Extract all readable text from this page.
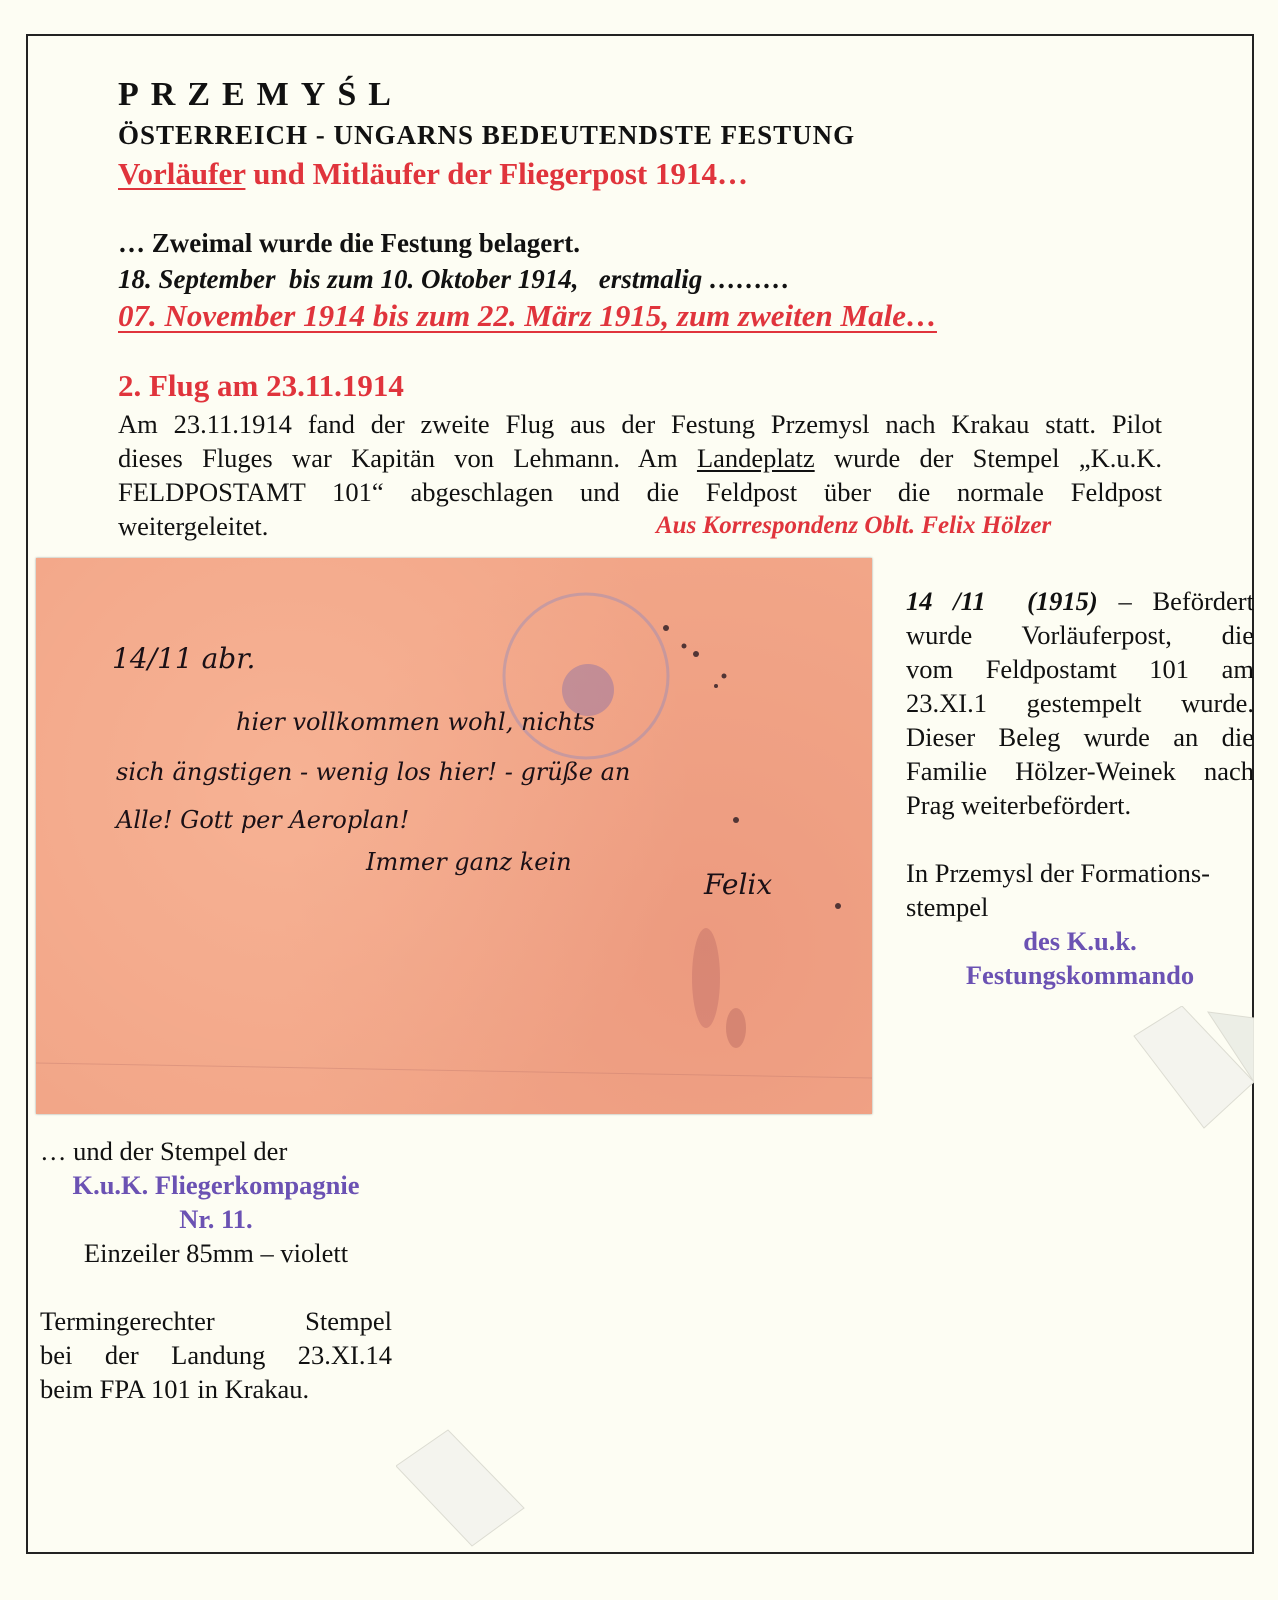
PRZEMYŚL
ÖSTERREICH - UNGARNS BEDEUTENDSTE FESTUNG
Vorläufer und Mitläufer der Fliegerpost 1914…
… Zweimal wurde die Festung belagert.
18. September  bis zum 10. Oktober 1914,   erstmalig ………
07. November 1914 bis zum 22. März 1915, zum zweiten Male…
2. Flug am 23.11.1914
Am 23.11.1914 fand der zweite Flug aus der Festung Przemysl nach Krakau statt. Pilot
dieses Fluges war Kapitän von Lehmann. Am Landeplatz wurde der Stempel „K.u.K.
FELDPOSTAMT 101“ abgeschlagen und die Feldpost über die normale Feldpost
weitergeleitet.	Aus Korrespondenz Oblt. Felix Hölzer
14/11 abr.
hier vollkommen wohl, nichts
sich ängstigen - wenig los hier! - grüße an
Alle! Gott per Aeroplan!
Immer ganz kein
Felix
14 /11  (1915) – Befördert
wurde Vorläuferpost, die
vom Feldpostamt 101 am
23.XI.1 gestempelt wurde.
Dieser Beleg wurde an die
Familie Hölzer-Weinek nach
Prag weiterbefördert.
In Przemysl der Formations-
stempel
des K.u.k.
Festungskommando
… und der Stempel der
K.u.K. Fliegerkompagnie
Nr. 11.
Einzeiler 85mm – violett
Termingerechter Stempel
bei der Landung 23.XI.14
beim FPA 101 in Krakau.
